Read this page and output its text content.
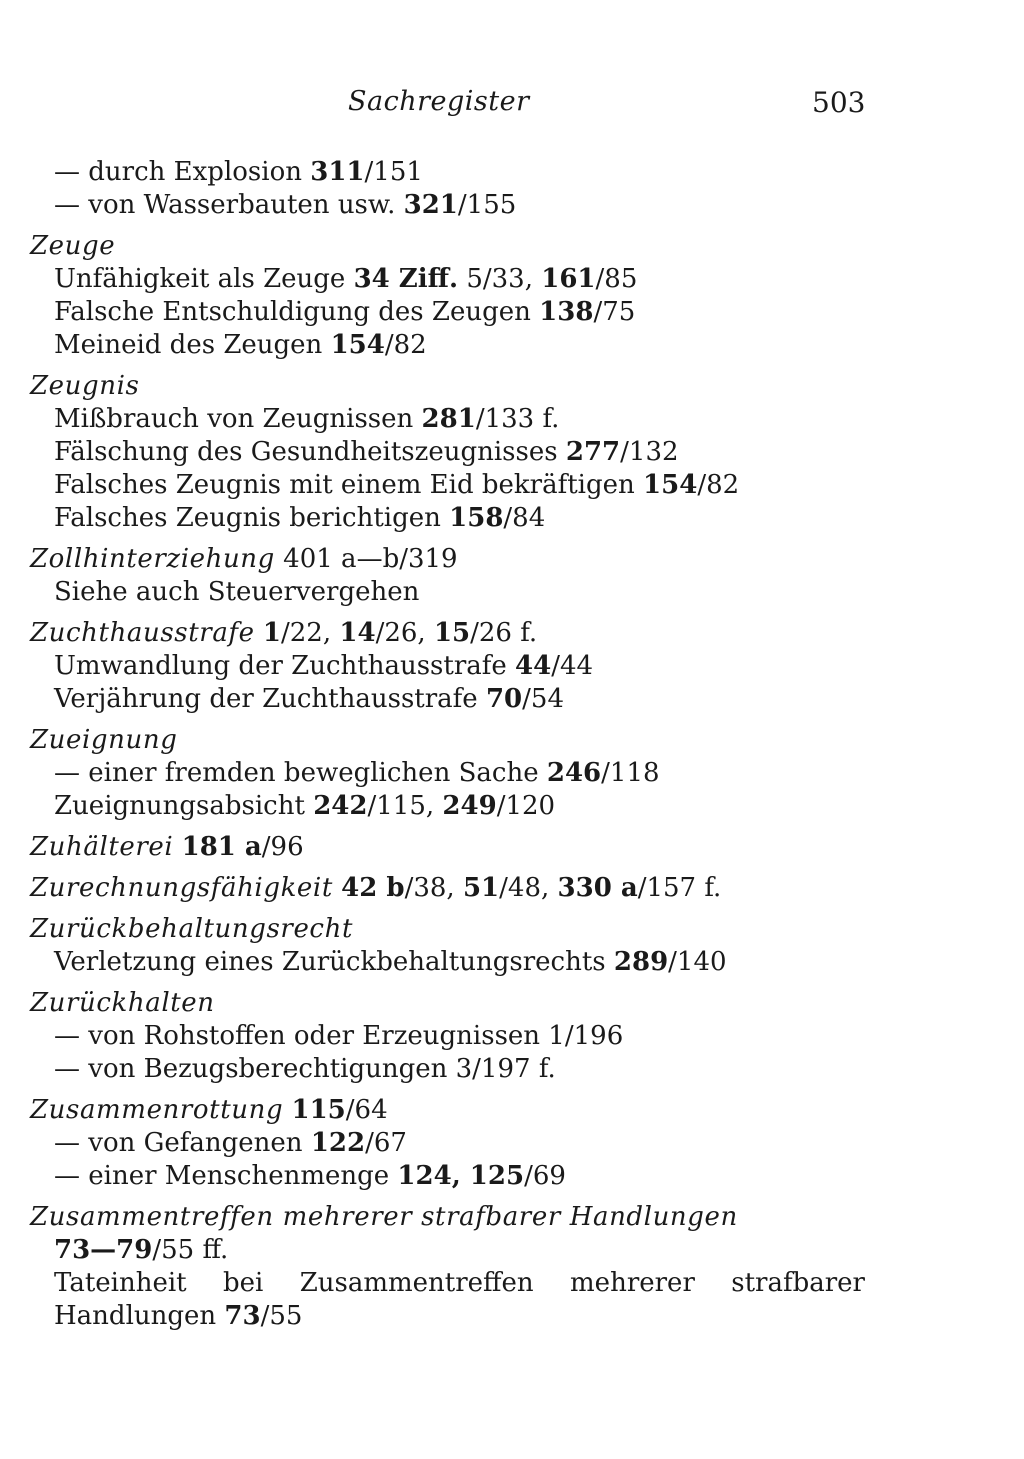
Sachregister	503
— durch Explosion 311/151
— von Wasserbauten usw. 321/155
Zeuge
Unfähigkeit als Zeuge 34 Ziff. 5/33, 161/85
Falsche Entschuldigung des Zeugen 138/75
Meineid des Zeugen 154/82
Zeugnis
Mißbrauch von Zeugnissen 281/133 f.
Fälschung des Gesundheitszeugnisses 277/132
Falsches Zeugnis mit einem Eid bekräftigen 154/82
Falsches Zeugnis berichtigen 158/84
Zollhinterziehung 401 a—b/319
Siehe auch Steuervergehen
Zuchthausstrafe 1/22, 14/26, 15/26 f.
Umwandlung der Zuchthausstrafe 44/44
Verjährung der Zuchthausstrafe 70/54
Zueignung
— einer fremden beweglichen Sache 246/118
Zueignungsabsicht 242/115, 249/120
Zuhälterei 181 a/96
Zurechnungsfähigkeit 42 b/38, 51/48, 330 a/157 f.
Zurückbehaltungsrecht
Verletzung eines Zurückbehaltungsrechts 289/140
Zurückhalten
— von Rohstoffen oder Erzeugnissen 1/196
— von Bezugsberechtigungen 3/197 f.
Zusammenrottung 115/64
— von Gefangenen 122/67
— einer Menschenmenge 124, 125/69
Zusammentreffen mehrerer strafbarer Handlungen
73—79/55 ff.
Tateinheit bei Zusammentreffen mehrerer strafbarer
Handlungen 73/55
